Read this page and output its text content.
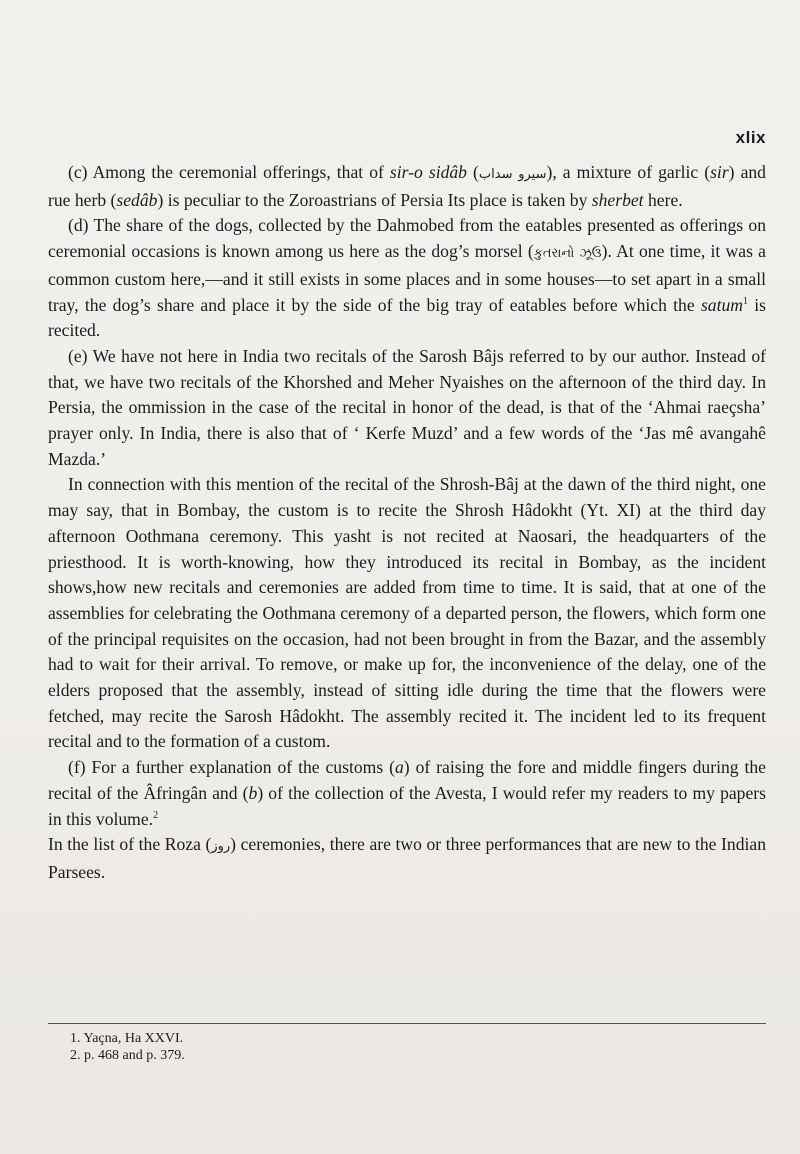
xlix

(c) Among the ceremonial offerings, that of sir-o sidâb (سیرو سداب), a mixture of garlic (sir) and rue herb (sedâb) is peculiar to the Zoroastrians of Persia Its place is taken by sherbet here.

(d) The share of the dogs, collected by the Dahmobed from the eatables presented as offerings on ceremonial occasions is known among us here as the dog’s morsel (કુતરાનો ઝૂઉ). At one time, it was a common custom here,—and it still exists in some places and in some houses—to set apart in a small tray, the dog’s share and place it by the side of the big tray of eatables before which the satum$^1$ is recited.

(e) We have not here in India two recitals of the Sarosh Bâjs referred to by our author. Instead of that, we have two recitals of the Khorshed and Meher Nyaishes on the afternoon of the third day. In Persia, the ommission in the case of the recital in honor of the dead, is that of the ‘Ahmai raeçsha’ prayer only. In India, there is also that of ‘ Kerfe Muzd’ and a few words of the ‘Jas mê avangahê Mazda.’

In connection with this mention of the recital of the Shrosh-Bâj at the dawn of the third night, one may say, that in Bombay, the custom is to recite the Shrosh Hâdokht (Yt. XI) at the third day afternoon Oothmana ceremony. This yasht is not recited at Naosari, the headquarters of the priesthood. It is worth-knowing, how they introduced its recital in Bombay, as the incident shows,how new recitals and ceremonies are added from time to time. It is said, that at one of the assemblies for celebrating the Oothmana ceremony of a departed person, the flowers, which form one of the principal requisites on the occasion, had not been brought in from the Bazar, and the assembly had to wait for their arrival. To remove, or make up for, the inconvenience of the delay, one of the elders proposed that the assembly, instead of sitting idle during the time that the flowers were fetched, may recite the Sarosh Hâdokht. The assembly recited it. The incident led to its frequent recital and to the formation of a custom.

(f) For a further explanation of the customs (a) of raising the fore and middle fingers during the recital of the Âfringân and (b) of the collection of the Avesta, I would refer my readers to my papers in this volume.$^2$

In the list of the Roza (روز) ceremonies, there are two or three performances that are new to the Indian Parsees.

1. Yaçna, Ha XXVI.
2. p. 468 and p. 379.
